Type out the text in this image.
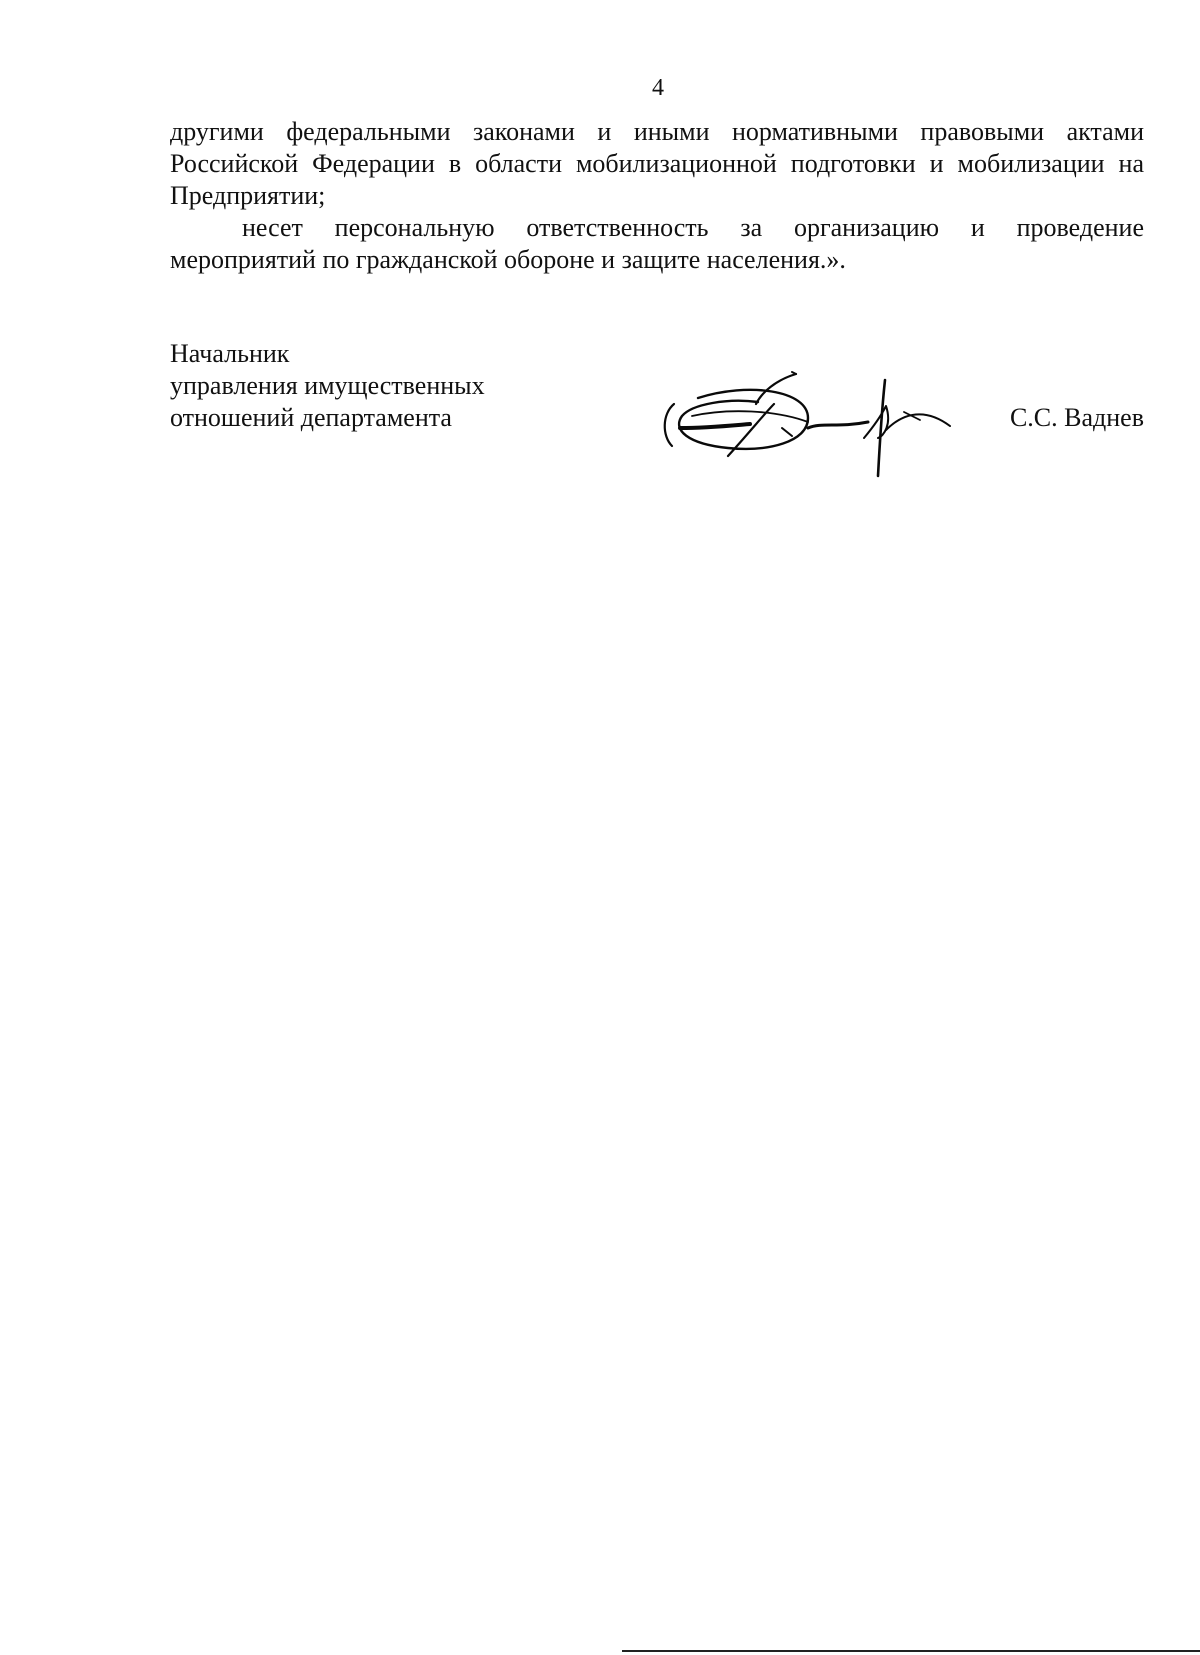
4

другими федеральными законами и иными нормативными правовыми актами Российской Федерации в области мобилизационной подготовки и мобилизации на Предприятии;

несет персональную ответственность за организацию и проведение мероприятий по гражданской обороне и защите населения.».

Начальник
управления имущественных
отношений департамента	С.С. Ваднев
